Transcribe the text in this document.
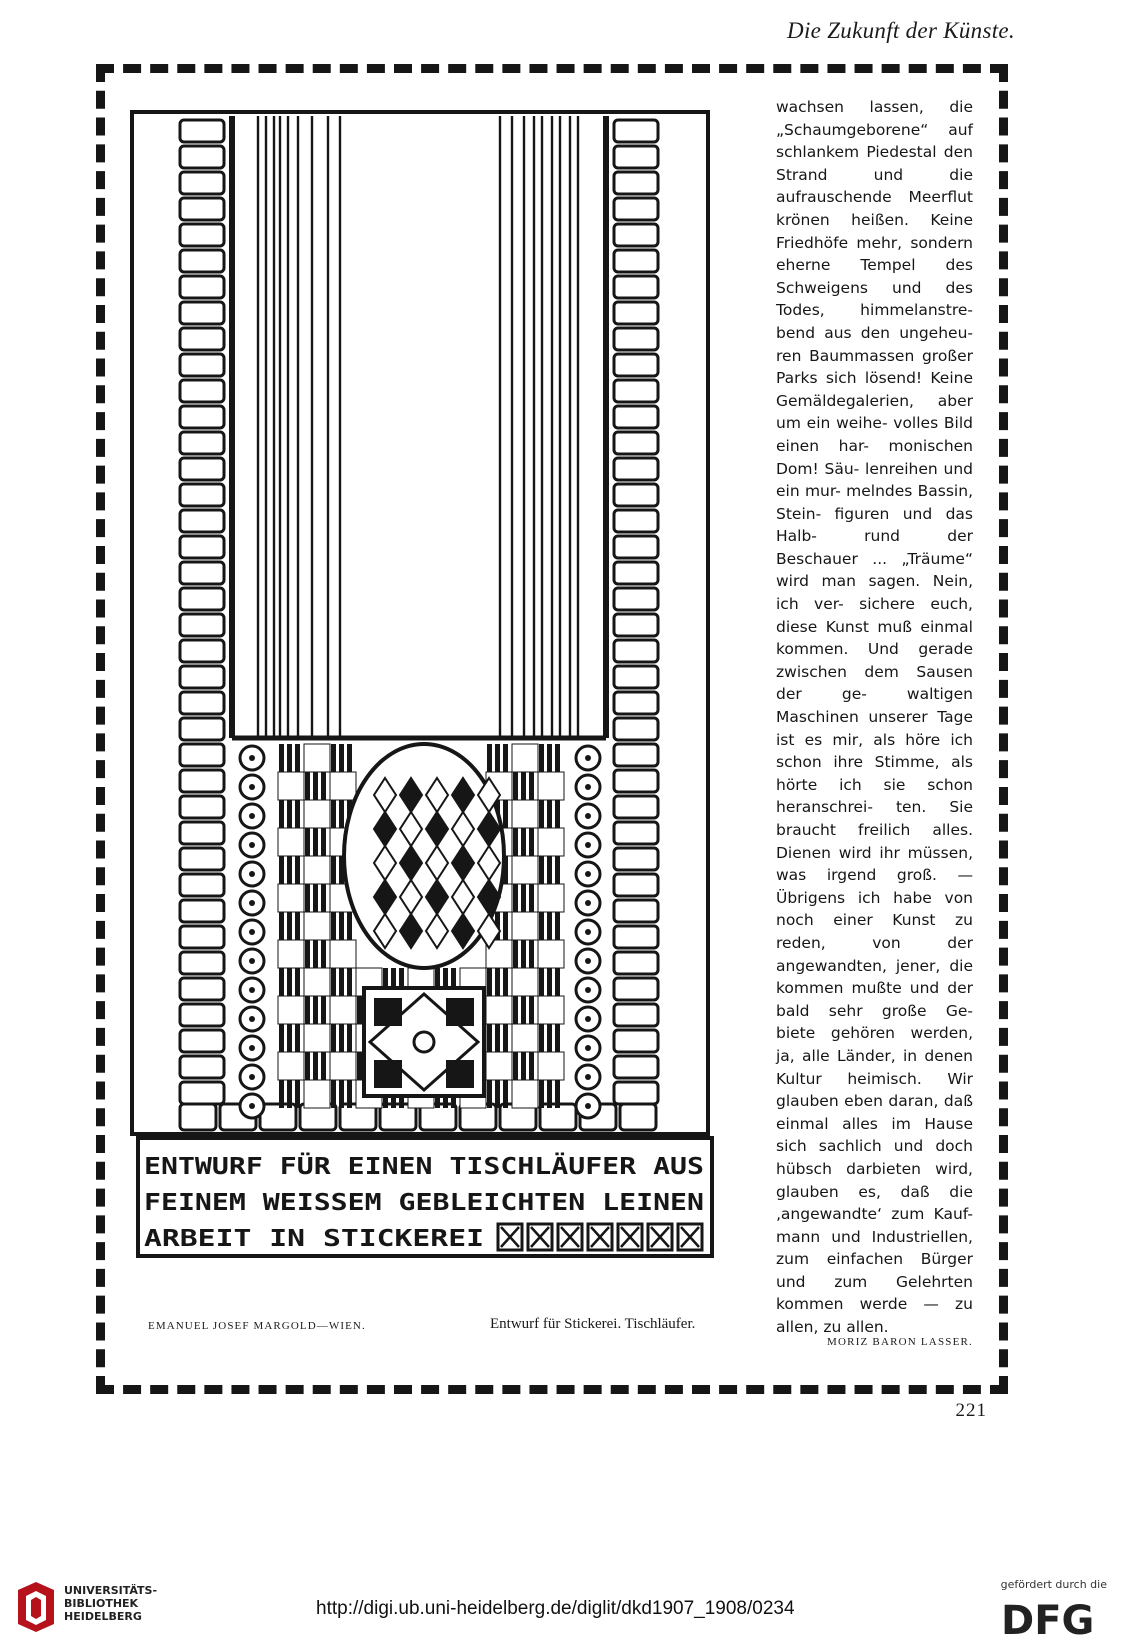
Die Zukunft der Künste.
ENTWURF FÜR EINEN TISCHLÄUFER AUS
FEINEM WEISSEM GEBLEICHTEN LEINEN
ARBEIT IN STICKEREI

wachsen lassen, die „Schaumgeborene“ auf schlankem Piedestal den Strand und die aufrauschende Meerflut krönen heißen. Keine Friedhöfe mehr, sondern eherne Tempel des Schweigens und des Todes, himmelanstre- bend aus den ungeheu- ren Baummassen großer Parks sich lösend! Keine Gemäldegalerien, aber um ein weihe- volles Bild einen har- monischen Dom! Säu- lenreihen und ein mur- melndes Bassin, Stein- figuren und das Halb- rund der Beschauer ... „Träume“ wird man sagen. Nein, ich ver- sichere euch, diese Kunst muß einmal kommen. Und gerade zwischen dem Sausen der ge- waltigen Maschinen unserer Tage ist es mir, als höre ich schon ihre Stimme, als hörte ich sie schon heranschrei- ten. Sie braucht freilich alles. Dienen wird ihr müssen, was irgend groß. — Übrigens ich habe von noch einer Kunst zu reden, von der angewandten, jener, die kommen mußte und der bald sehr große Ge- biete gehören werden, ja, alle Länder, in denen Kultur heimisch. Wir glauben eben daran, daß einmal alles im Hause sich sachlich und doch hübsch darbieten wird, glauben es, daß die ‚angewandte‘ zum Kauf- mann und Industriellen, zum einfachen Bürger und zum Gelehrten kommen werde — zu allen, zu allen.

EMANUEL JOSEF MARGOLD—WIEN.	Entwurf für Stickerei. Tischläufer.
MORIZ BARON LASSER.
221
UNIVERSITÄTS-
BIBLIOTHEK
HEIDELBERG	http://digi.ub.uni-heidelberg.de/diglit/dkd1907_1908/0234
gefördert durch die
DFG
